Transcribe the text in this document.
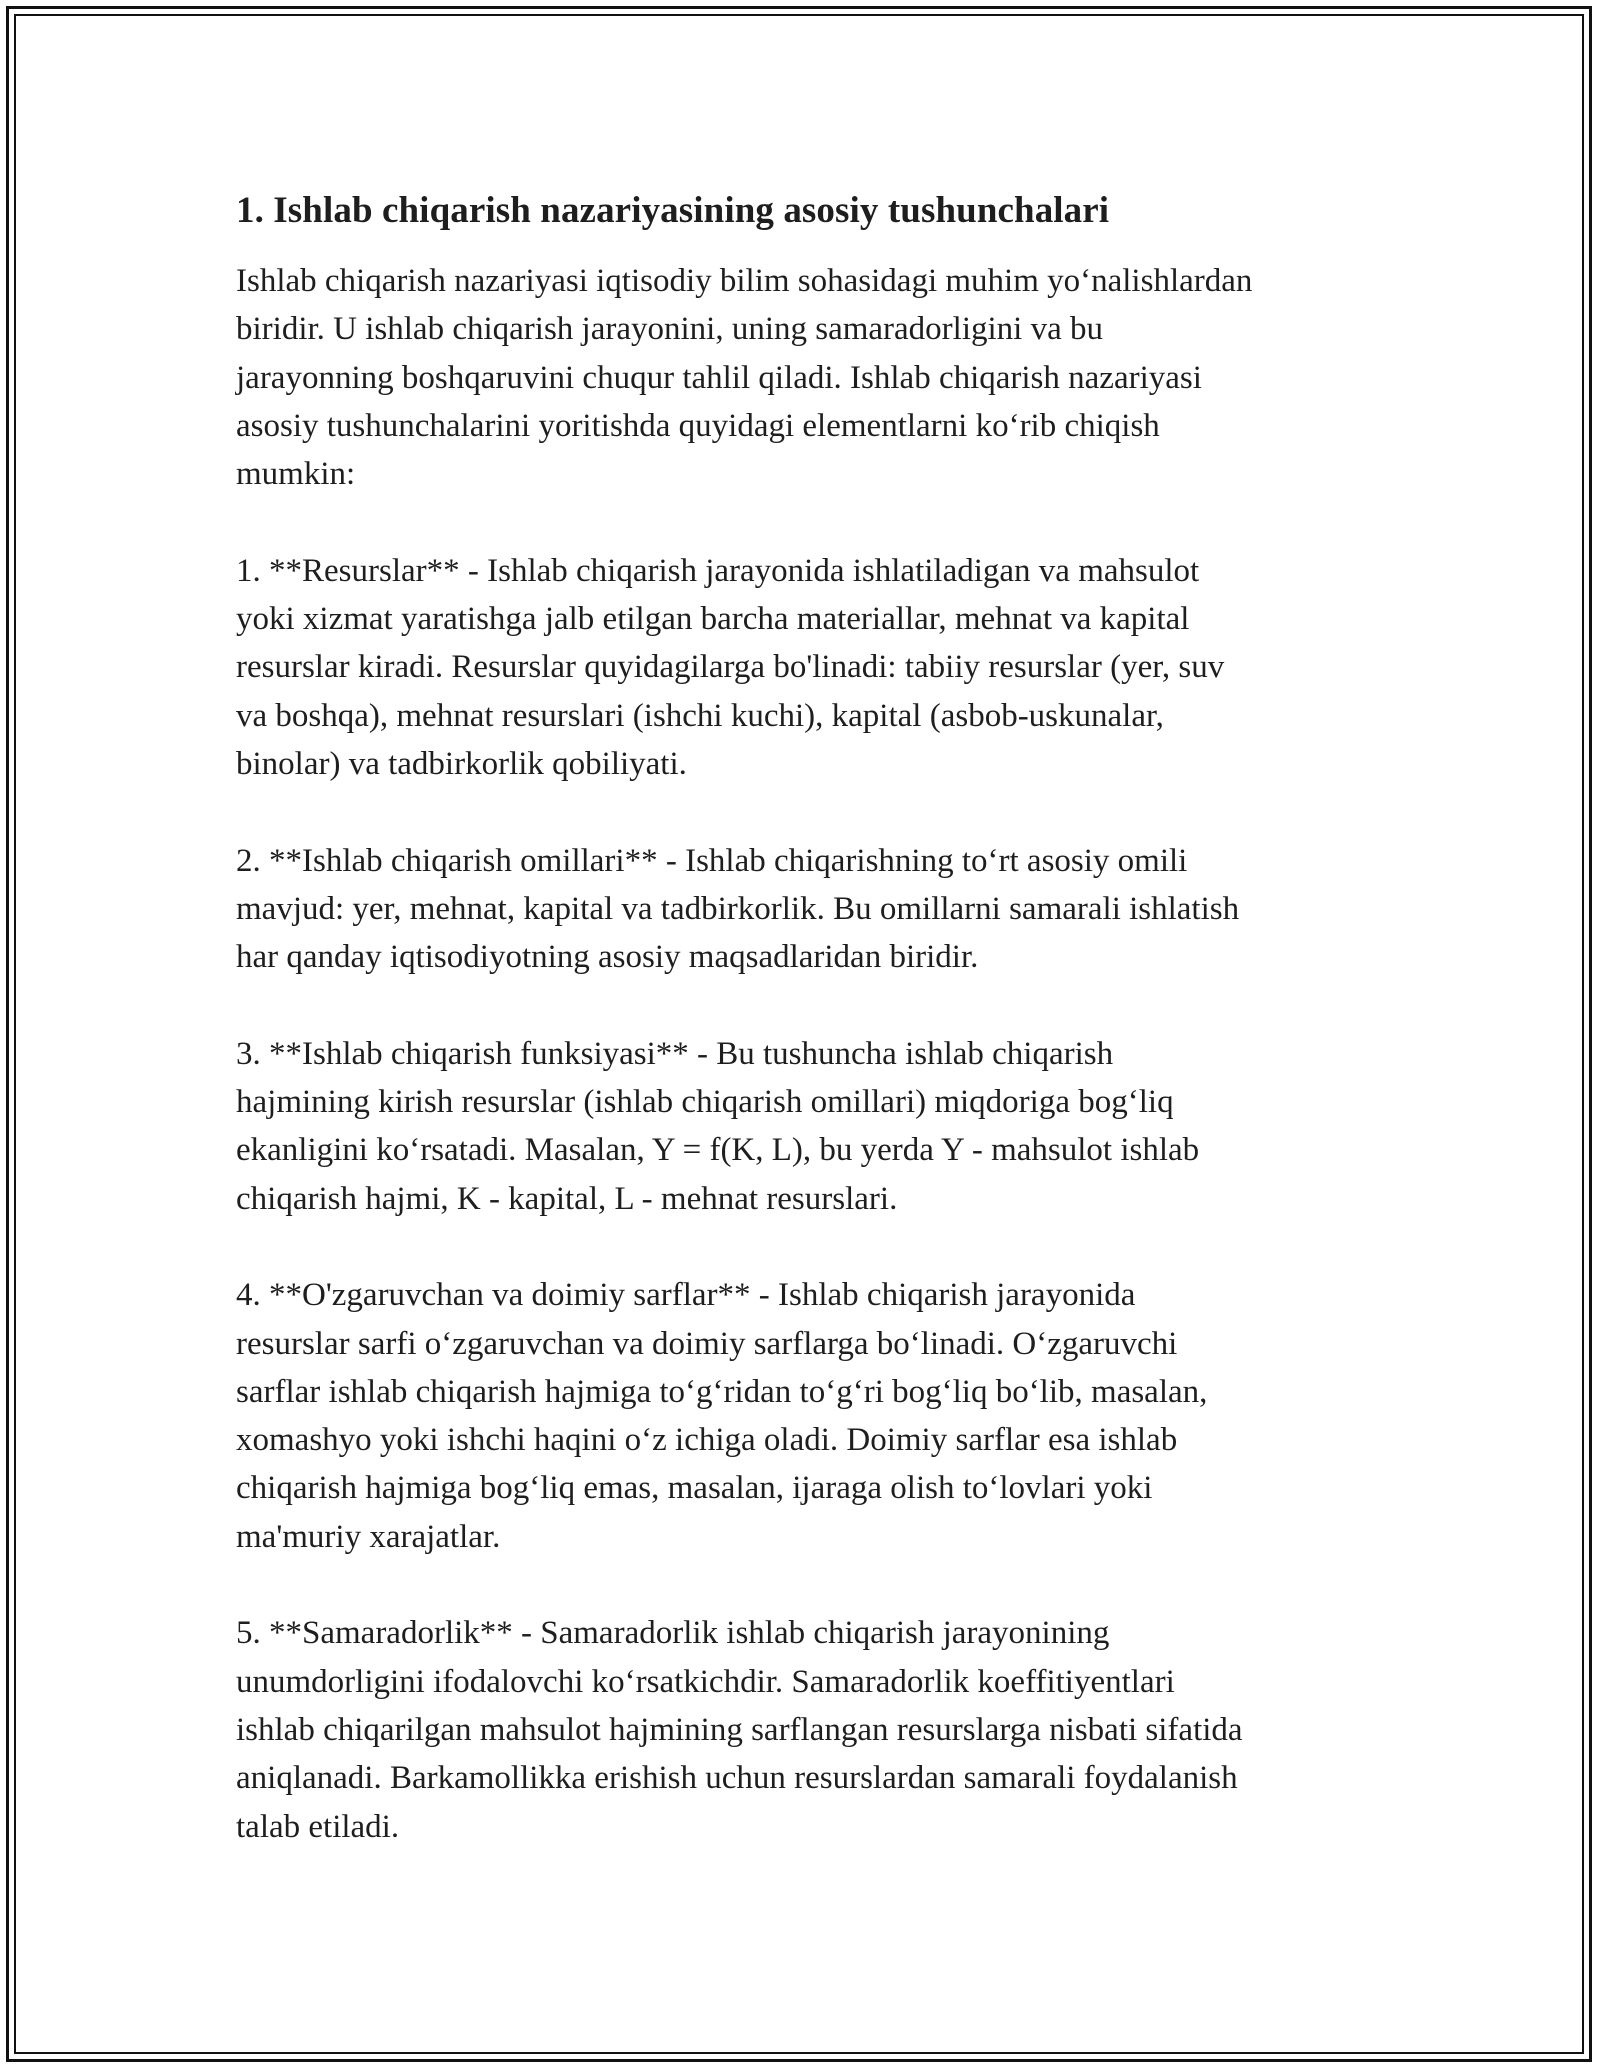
1. Ishlab chiqarish nazariyasining asosiy tushunchalari

Ishlab chiqarish nazariyasi iqtisodiy bilim sohasidagi muhim yoʻnalishlardan
biridir. U ishlab chiqarish jarayonini, uning samaradorligini va bu
jarayonning boshqaruvini chuqur tahlil qiladi. Ishlab chiqarish nazariyasi
asosiy tushunchalarini yoritishda quyidagi elementlarni koʻrib chiqish
mumkin:

1. **Resurslar** - Ishlab chiqarish jarayonida ishlatiladigan va mahsulot
yoki xizmat yaratishga jalb etilgan barcha materiallar, mehnat va kapital
resurslar kiradi. Resurslar quyidagilarga bo'linadi: tabiiy resurslar (yer, suv
va boshqa), mehnat resurslari (ishchi kuchi), kapital (asbob-uskunalar,
binolar) va tadbirkorlik qobiliyati.

2. **Ishlab chiqarish omillari** - Ishlab chiqarishning toʻrt asosiy omili
mavjud: yer, mehnat, kapital va tadbirkorlik. Bu omillarni samarali ishlatish
har qanday iqtisodiyotning asosiy maqsadlaridan biridir.

3. **Ishlab chiqarish funksiyasi** - Bu tushuncha ishlab chiqarish
hajmining kirish resurslar (ishlab chiqarish omillari) miqdoriga bogʻliq
ekanligini koʻrsatadi. Masalan, Y = f(K, L), bu yerda Y - mahsulot ishlab
chiqarish hajmi, K - kapital, L - mehnat resurslari.

4. **O'zgaruvchan va doimiy sarflar** - Ishlab chiqarish jarayonida
resurslar sarfi oʻzgaruvchan va doimiy sarflarga boʻlinadi. Oʻzgaruvchi
sarflar ishlab chiqarish hajmiga toʻgʻridan toʻgʻri bogʻliq boʻlib, masalan,
xomashyo yoki ishchi haqini oʻz ichiga oladi. Doimiy sarflar esa ishlab
chiqarish hajmiga bogʻliq emas, masalan, ijaraga olish toʻlovlari yoki
ma'muriy xarajatlar.

5. **Samaradorlik** - Samaradorlik ishlab chiqarish jarayonining
unumdorligini ifodalovchi koʻrsatkichdir. Samaradorlik koeffitiyentlari
ishlab chiqarilgan mahsulot hajmining sarflangan resurslarga nisbati sifatida
aniqlanadi. Barkamollikka erishish uchun resurslardan samarali foydalanish
talab etiladi.
